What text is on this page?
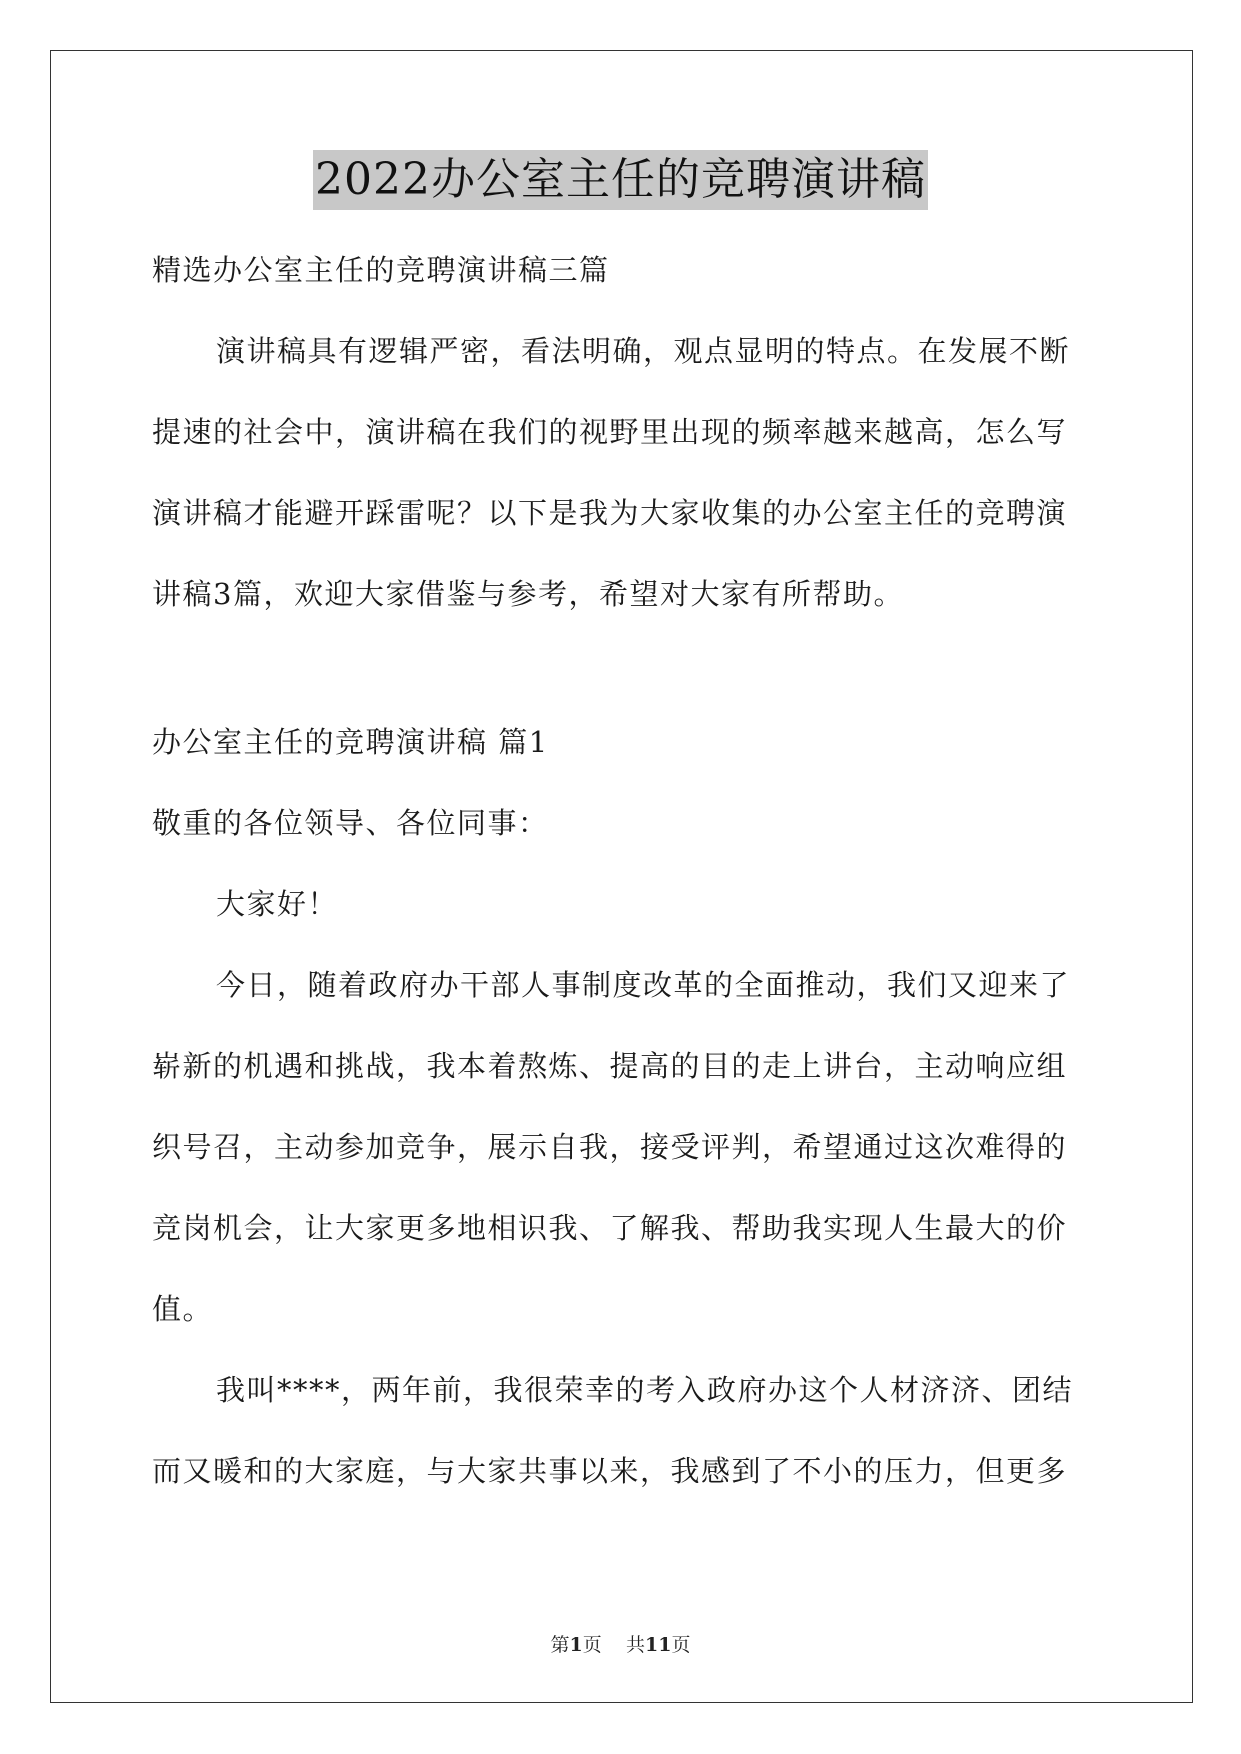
2022办公室主任的竞聘演讲稿
精选办公室主任的竞聘演讲稿三篇
演讲稿具有逻辑严密，看法明确，观点显明的特点。在发展不断
提速的社会中，演讲稿在我们的视野里出现的频率越来越高，怎么写
演讲稿才能避开踩雷呢？以下是我为大家收集的办公室主任的竞聘演
讲稿3篇，欢迎大家借鉴与参考，希望对大家有所帮助。
办公室主任的竞聘演讲稿 篇1
敬重的各位领导、各位同事：
大家好！
今日，随着政府办干部人事制度改革的全面推动，我们又迎来了
崭新的机遇和挑战，我本着熬炼、提高的目的走上讲台，主动响应组
织号召，主动参加竞争，展示自我，接受评判，希望通过这次难得的
竞岗机会，让大家更多地相识我、了解我、帮助我实现人生最大的价
值。
我叫****，两年前，我很荣幸的考入政府办这个人材济济、团结
而又暖和的大家庭，与大家共事以来，我感到了不小的压力，但更多
第1页 共11页
